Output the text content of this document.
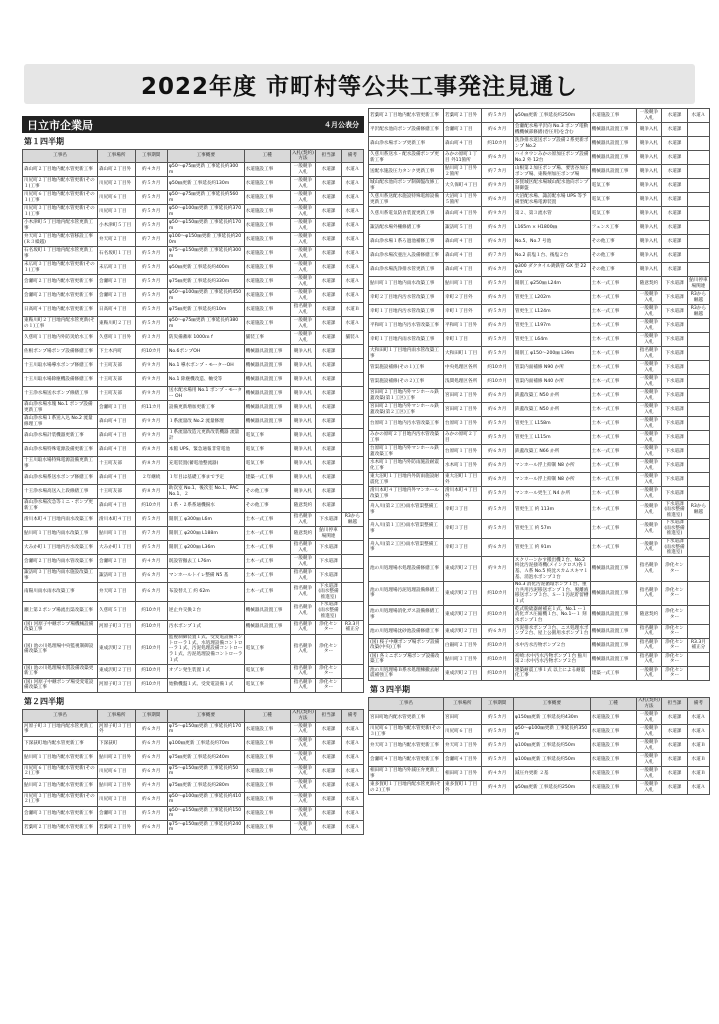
2022年度 市町村等公共工事発注見通し
日立市企業局	４月公表分
第１四半期
工事名	工事場所	工事期間	工事概要	工種	入札(契約)方法	担当課	備考
森山町２丁目地内配水管更新工事	森山町２丁目外	約４カ月	φ50〜φ75㎜更新 工事延長約300m	水道施設工事	一般競争入札	水道課	水道Ａ
川尻町２丁目地内配水管更新(その１)工事	川尻町２丁目外	約５カ月	φ50㎜更新 工事延長約130m	水道施設工事	一般競争入札	水道課	水道Ａ
川尻町６丁目地内配水管更新(その１)工事	川尻町６丁目	約５カ月	φ50〜φ75㎜更新 工事延長約560m	水道施設工事	一般競争入札	水道課	水道Ａ
川尻町３丁目地内配水管更新(その１)工事	川尻町３丁目	約５カ月	φ50〜φ100㎜更新 工事延長約370m	水道施設工事	一般競争入札	水道課	水道Ａ
小木津町５丁目地内配水管更新工事	小木津町５丁目	約５カ月	φ50〜φ150㎜更新 工事延長約170m	水道施設工事	一般競争入札	水道課	水道Ａ
弁天町２丁目地内配水管移設工事(Ｒ３繰越)	弁天町２丁目	約７カ月	φ100〜φ150㎜更新 工事延長約200m	水道施設工事	一般競争入札	水道課	水道Ａ
石名坂町１丁目地内配水管更新工事	石名坂町１丁目	約５カ月	φ75〜φ150㎜更新 工事延長約300m	水道施設工事	一般競争入札	水道課	水道Ａ
末広町３丁目地内配水管更新(その１)工事	末広町３丁目	約５カ月	φ50㎜更新 工事延長約400m	水道施設工事	一般競争入札	水道課	水道Ａ
会瀬町２丁目地内配水管更新工事	会瀬町２丁目	約５カ月	φ75㎜更新 工事延長約330m	水道施設工事	一般競争入札	水道課	水道Ａ
会瀬町２丁目地内配水管更新工事	会瀬町２丁目	約５カ月	φ50〜φ100㎜更新 工事延長約450m	水道施設工事	一般競争入札	水道課	水道Ａ
日高町４丁目地内配水管更新工事	日高町４丁目	約５カ月	φ75㎜更新 工事延長約10m	水道施設工事	指名競争入札	水道課	水道Ｂ
東鞍川町２丁目地内配水管更新(その１)工事	東鞍川町２丁目	約５カ月	φ50〜φ75㎜更新 工事延長約380m	水道施設工事	一般競争入札	水道課	水道Ａ
久慈町１丁目地内外防災給水工事	久慈町１丁目外	約３カ月	防災備蓄庫 1000ｍ f	舗装工事	一般競争入札	水道課	舗装Ａ
佐根ポンプ場ポンプ設備修繕工事	下土木内町	約10カ月	No.6ポンプOH	機械器具設置工事	競争入札	水道課	
十王川取水場導水ポンプ修繕工事	十王町友部	約９カ月	No.1 導水ポンプ・モーターOH	機械器具設置工事	競争入札	水道課	
十王川取水場除塵機設備修繕工事	十王町友部	約９カ月	No.1 除塵機改造、軸受等	機械器具設置工事	競争入札	水道課	
十王浄水場送水ポンプ修繕工事	十王町友部	約９カ月	送水配水場用 No.1 ポンプ・モーター OH	機械器具設置工事	競争入札	水道課	
森山浄水場水塊 No.1 ポンプ設備更新工事	会瀬町３丁目	約11カ月	設備更新増加更新工事	機械器具設置工事	競争入札	水道課	
森山浄水場１系送入込 No.2 流量修理工事	森山町４丁目	約９カ月	１系流量改 No.2 流量修理	機械器具設置工事	競争入札	水道課	
森山浄水場計装機器更新工事	森山町４丁目	約９カ月	１系流量改造元更新改装機器 流量計	電気工事	競争入札	水道課	
森山浄水場特殊電源設備更新工事	森山町４丁目	約８カ月	本館 UPS、緊急通報非常電池	電気工事	競争入札	水道課	
十王川取水場特殊電源設備更新工事	十王町友部	約８カ月	充電装置(蓄電池整流器)	電気工事	競争入札	水道課	
森山浄水場系送水ポンプ修繕工事	森山町４丁目	２年継続	１年目は基礎工事まで予定	建築一式工事	競争入札	水道課	
十王浄水場高送入上段修繕工事	十王町友部	約８カ月	助次室 No.1、後次室 No.1、PAC No.1、２	その他工事	競争入札	水道課	
森山浄水場次急等ミニ・ポンプ更新工事	森山町４丁目	約10カ月	１系・２系系通機揚水	その他工事	随意契約	水道課	
滑川本町４丁目地内雨水改築工事	滑川本町４丁目	約５カ月	開削工 φ300㎜ L6m	土木一式工事	指名競争入札	下水道課	R3から継越
鮎川町１丁目地内雨水改築工事	鮎川町１丁目	約７カ月	開削工 φ200㎜ L188m	土木一式工事	随意契約	鮎川停車場関連	
大みか町１丁目地内汚水改築工事	大みか町１丁目	約５カ月	開削工 φ200㎜ L36m	土木一式工事	指名競争入札	下水道課	
会瀬町２丁目地内雨水管改築工事	会瀬町２丁目	約４カ月	既設管撤去工 L76m	土木一式工事	一般競争入札	下水道課	
諏訪町３丁目地内雨水施設改築工事	諏訪町３丁目	約６カ月	マンホールトイレ整備 N5 基	土木一式工事	指名競争入札	下水道課	
南陽川雨水雨水改築工事	弁天町２丁目	約６カ月	布設替え工 約 62m	土木一式工事	指名競争入札	下水道課(雨水整備推進室)	
瀬上第２ポンプ場流出渠改築工事	久慈町５丁目	約10カ月	逆止弁交換２台	機械器具設置工事	指名競争入札	下水道課(雨水整備推進室)	
(国) 河原子中継ポンプ場機械設備改築工事	河原子町３丁目	約10カ月	汚水ポンプ１式	機械器具設置工事	指名競争入札	浄化センター	R3.3月補正分
(国) 池の川処理場中央監視制御設備改築工事	東成沢町２丁目	約10カ月	監視制御装置１式、受変電設備コントローラ１式、水処理設備コントローラ１式、汚泥処理設備コントローラ１式、汚泥処理設備コントローラ１式	電気工事	指名競争入札	浄化センター	
(国) 池の川処理場水質設備改築更新工事	東成沢町２丁目	約10カ月	オゾン発生装置１式	電気工事	指名競争入札	浄化センター	
(国) 河原子中継ポンプ場受変電設備改築工事	河原子町３丁目	約10カ月	始動機盤１式、受変電設備１式	電気工事	指名競争入札	浄化センター	
第２四半期
工事名	工事場所	工事期間	工事概要	工種	入札(契約)方法	担当課	備考
河原子町３丁目地内配水管更新工事	河原子町３丁目外	約６カ月	φ75〜φ150㎜更新 工事延長約170m	水道施設工事	一般競争入札	水道課	水道Ａ
下深荻町地内配水管更新工事	下深荻町	約６カ月	φ100㎜更新 工事延長約70m	水道施設工事	一般競争入札	水道課	水道Ａ
鮎川町１丁目地内配水管更新工事	鮎川町２丁目外	約６カ月	φ75㎜更新 工事延長約240m	水道施設工事	一般競争入札	水道課	水道Ａ
川尻町６丁目地内配水管更新(その２)工事	川尻町６丁目	約６カ月	φ75〜φ150㎜更新 工事延長約50m	水道施設工事	一般競争入札	水道課	水道Ａ
鮎川町２丁目地内配水管更新工事	鮎川町２丁目外	約４カ月	φ75㎜更新 工事延長約280m	水道施設工事	一般競争入札	水道課	水道Ａ
川尻町３丁目地内配水管更新(その２)工事	川尻町３丁目	約６カ月	φ50〜φ100㎜更新 工事延長約410m	水道施設工事	一般競争入札	水道課	水道Ａ
会瀬町３丁目地内配水管更新工事	会瀬町３丁目	約５カ月	φ50〜φ150㎜更新 工事延長約150m	水道施設工事	一般競争入札	水道課	水道Ａ
若葉町２丁目地内配水管更新工事	若葉町２丁目外	約６カ月	φ75〜φ150㎜更新 工事延長約240m	水道施設工事	一般競争入札	水道課	水道Ａ
若葉町２丁目地内配水管更新工事	若葉町２丁目外	約５カ月	φ50㎜更新 工事延長約250m	水道施設工事	一般競争入札	水道課	水道Ａ
平沢配水池向ポンプ設備修繕工事	会瀬町３丁目	約６カ月	会瀬配水場平沢向 No.3 ポンプ電動機機械部修繕(巻圧用)を含む	機械器具設置工事	競争入札	水道課	
森山浄水場ポンプ更新工事	森山町４丁目	約10カ月	洗浄排水返送ポンプ設備２系更新ポンプ No.2	機械器具設置工事	競争入札	水道課	
久慈川系送水・配水設備ポンプ更新工事	みかの原町１丁目 外11箇所	約６カ月	ハイタウンみかの原加圧ポンプ設備 No.2 外 12台	機械器具設置工事	競争入札	水道課	
送配水施設圧力タンク更新工事	鮎川町３丁目外２箇所	約７カ月	山根第２加圧ポンプ場、要害谷加圧ポンプ場、東鞍州加圧ポンプ場	機械器具設置工事	競争入札	水道課	
城山配水池向ポンプ制御盤改修工事	大久保町４丁目	約９カ月	多賀城区配水場城山配水池向ポンプ制御盤	電気工事	競争入札	水道課	
久慈川系送配水施設特殊電源設備更新工事	大沼町１丁目外５箇所	約６カ月	大沼配水場、諏訪配水場 UPS 等予備型配水場電源装置	電気工事	競争入札	水道課	
久慈川系電気防食装置更新工事	森山町４丁目外	約９カ月	第２、第３流水管	電気工事	競争入札	水道課	
諏訪配水場外柵修繕工事	諏訪町５丁目	約６カ月	L165m × H1800㎜	フェンス工事	競争入札	水道課	
森山浄水場１系ろ過池補修工事	森山町４丁目	約６カ月	No.5、No.7 号池	その他工事	競争入札	水道課	
森山浄水場次亜注入設備修繕工事	森山町４丁目	約７カ月	No.2 前塩１台、後塩２台	その他工事	競争入札	水道課	
森山浄水場洗浄排水管更新工事	森山町４丁目	約６カ月	φ300 ダクタイル鋳鉄管 GX 型 220m	その他工事	競争入札	水道課	
鮎川町１丁目地内雨水改築工事	鮎川町１丁目	約５カ月	開削工 φ250㎜ L24m	土木一式工事	随意契約	下水道課	鮎川停車場関連
幸町２丁目地内汚水管改築工事	幸町２丁目外	約６カ月	管更生工 L202m	土木一式工事	一般競争入札	下水道課	R3から継越
幸町１丁目地内汚水管改築工事	幸町１丁目外	約５カ月	管更生工 L124m	土木一式工事	一般競争入札	下水道課	R3から継越
平和町１丁目地内汚水管改築工事	平和町１丁目外	約６カ月	管更生工 L197m	土木一式工事	一般競争入札	下水道課	
幸町１丁目地内雨水管改築工事	幸町１丁目	約５カ月	管更生工 L64m	土木一式工事	一般競争入札	下水道課	
大和田町１丁目地内雨水管改築工事	大和田町１丁目	約５カ月	開削工 φ150〜200㎜ L39m	土木一式工事	指名競争入札	下水道課	
管渠施設補修(その１)工事	中央処理区各所	約10カ月	管渠内面補修 N90 か所	土木一式工事	一般競争入札	下水道課	
管渠施設補修(その２)工事	浅間処理区各所	約10カ月	管渠内面補修 N40 か所	土木一式工事	一般競争入札	下水道課	
宮田町２丁目地内外マンホール鉄蓋改築(第１工区)工事	宮田町２丁目外	約６カ月	鉄蓋改築工 N50 か所	土木一式工事	一般競争入札	下水道課	
宮田町２丁目地内外マンホール鉄蓋改築(第２工区)工事	宮田町２丁目外	約６カ月	鉄蓋改築工 N50 か所	土木一式工事	一般競争入札	下水道課	
台原町３丁目地内汚水管改築工事	台原町３丁目外	約５カ月	管更生工 L158m	土木一式工事	一般競争入札	下水道課	
みかの原町２丁目地内汚水管改築工事	みかの原町２丁目	約５カ月	管更生工 L115m	土木一式工事	一般競争入札	下水道課	
台原町１丁目地内外マンホール鉄蓋改築工事	台原町１丁目外	約６カ月	鉄蓋改築工 N66 か所	土木一式工事	一般競争入札	下水道課	
水木町１丁目地内外防雨施設耐震化工事	水木町１丁目外	約６カ月	マンホール浮上抑制 N8 か所	土木一式工事	一般競争入札	下水道課	
東大沼町１丁目地内外防雨施設耐震化工事	東大沼町１丁目外	約６カ月	マンホール浮上抑制 N8 か所	土木一式工事	一般競争入札	下水道課	
滑川本町４丁目地内外マンホール改築工事	滑川本町４丁目外	約５カ月	マンホール更生工 N4 か所	土木一式工事	一般競争入札	下水道課	
舟入川(第２工区)雨水管渠整備工事	幸町３丁目	約５カ月	管更生工 約 113m	土木一式工事	一般競争入札	下水道課(雨水整備推進室)	R3から継越
舟入川(第１工区)雨水管渠整備工事	幸町３丁目	約５カ月	管更生工 約 57m	土木一式工事	一般競争入札	下水道課(雨水整備推進室)	
舟入川(第２工区)雨水管渠整備工事	幸町３丁目	約６カ月	管更生工 約 91m	土木一式工事	一般競争入札	下水道課(雨水整備推進室)	
池の川処理場水処理設備修繕工事	東成沢町２丁目	約９カ月	スクリーンかす搬出機２台、No.2 終沈汚泥掻寄機(メインクロス)各１基、Ａ系 No.5 終沈スカムスキマ１基、消泡水ポンプ３台	機械器具設置工事	指名競争入札	浄化センター	
池の川処理場汚泥処理設備修繕工事	東成沢町２丁目	約10カ月	No.3 消化汚泥循環ポンプ１台、重力共用汚泥移送ポンプ１台、脱離液移送ポンプ３台、Ｓー１汚泥貯留槽１式	機械器具設置工事	指名競争入札	浄化センター	
池の川処理場消化ガス設備修繕工事	東成沢町２丁目	約10カ月	乾式脱硫器耐補充１式、No.1 ー１消化ガス圧縮機１台、No.1ー１ 刻水ポンプ１台	機械器具設置工事	随意契約	浄化センター	
池の川処理場沈砂池設備修繕工事	東成沢町２丁目	約６カ月	汚泥排水ポンプ３台、ニス処理水ポンプ２台、屋上公園用水ポンプ１台	機械器具設置工事	指名競争入札	浄化センター	
(国) 桜子中継ポンプ場ポンプ設備改築(中央)工事	白銀町２丁目外	約10カ月	水中汚水汚物ポンプ２台	機械器具設置工事	指名競争入札	浄化センター	R3.3月補正分
(国) 各ミニポンプ場ポンプ設備改築工事	鮎川町３丁目外	約10カ月	初崎:水中汚水汚物ポンプ１台 鮎川第２:水中汚水汚物ポンプ２台	機械器具設置工事	指名競争入札	浄化センター	
池の川処理場Ｂ系水処理棟撤去耐震補強工事	東成沢町２丁目	約10カ月	建築耐震工事１式 以上による耐震化工事	建築一式工事	一般競争入札	浄化センター	
第３四半期
工事名	工事場所	工事期間	工事概要	工種	入札(契約)方法	担当課	備考
宮田町地内配水管更新工事	宮田町	約５カ月	φ150㎜更新 工事延長約430m	水道施設工事	一般競争入札	水道課	水道Ａ
川尻町６丁目地内配水管更新(その３)工事	川尻町６丁目	約５カ月	φ50〜φ100㎜更新 工事延長約350m	水道施設工事	一般競争入札	水道課	水道Ａ
弁天町３丁目地内配水管更新工事	弁天町３丁目外	約５カ月	φ100㎜更新 工事延長約50m	水道施設工事	一般競争入札	水道課	水道Ｂ
会瀬町４丁目地内配水管更新工事	会瀬町４丁目外	約５カ月	φ100㎜更新 工事延長約50m	水道施設工事	一般競争入札	水道課	水道Ｂ
相田町３丁目地内外減圧弁更新工事	相田町３丁目外	約４カ月	減圧弁更新 ２基	水道施設工事	一般競争入札	水道課	水道Ｂ
東多賀町１丁目地内配水管更新(その２)工事	東多賀町１丁目外	約４カ月	φ50㎜更新 工事延長約250m	水道施設工事	一般競争入札	水道課	水道Ａ
